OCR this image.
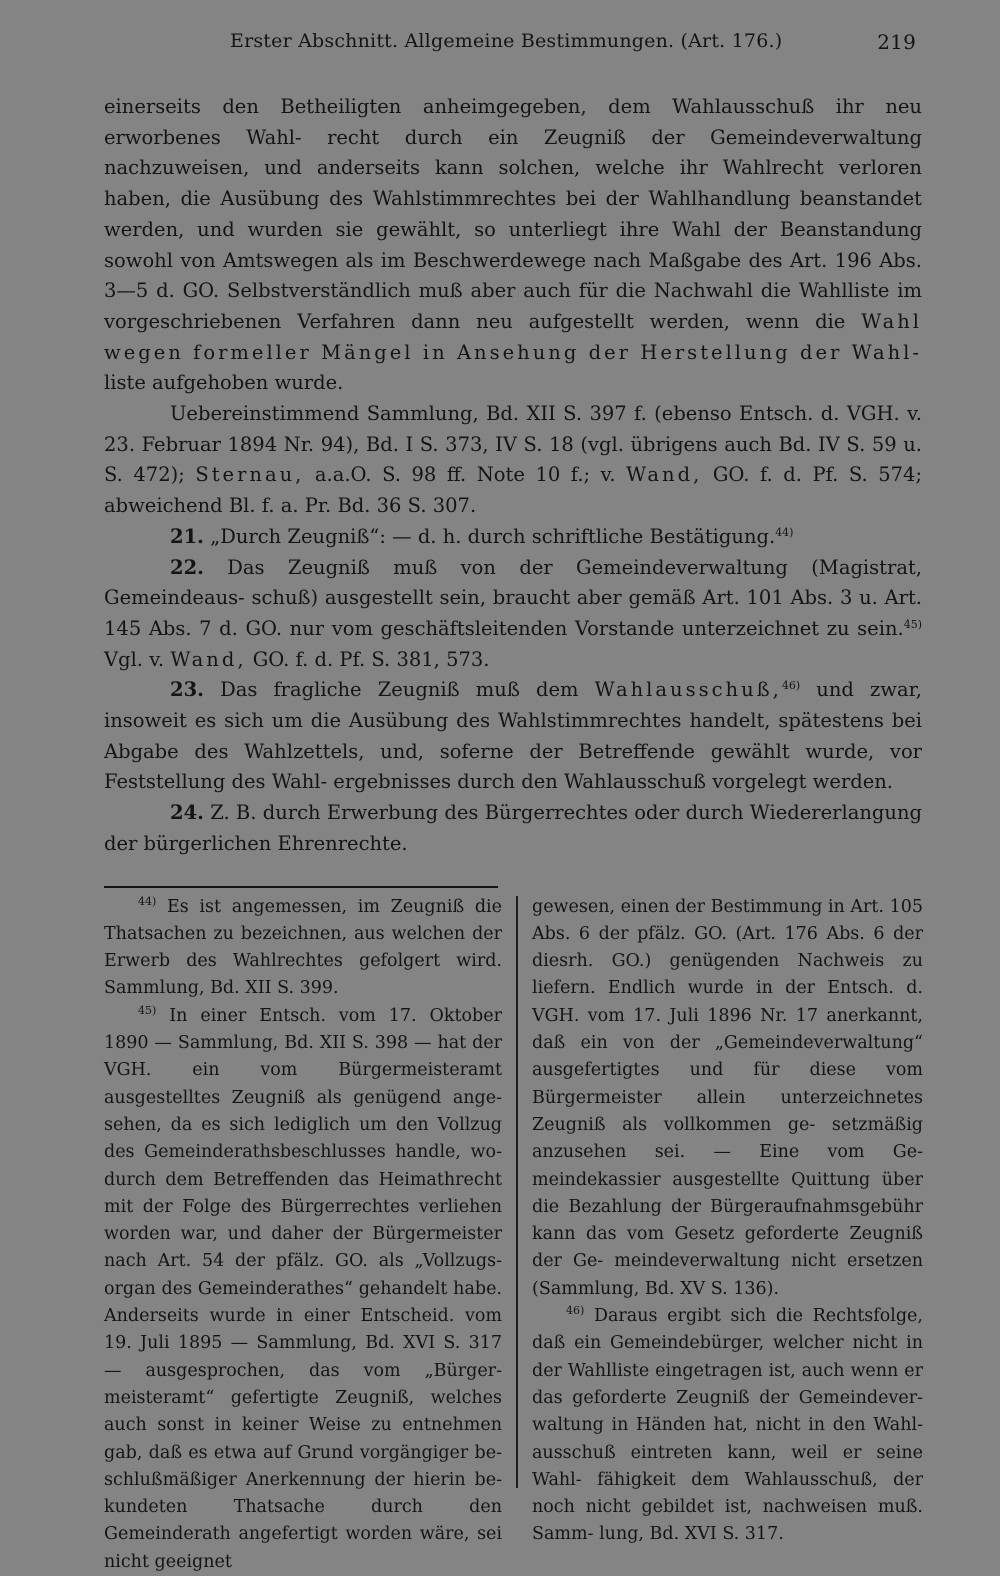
Erster Abschnitt. Allgemeine Bestimmungen. (Art. 176.)	219

einerseits den Betheiligten anheimgegeben, dem Wahlausschuß ihr neu erworbenes Wahl- recht durch ein Zeugniß der Gemeindeverwaltung nachzuweisen, und anderseits kann solchen, welche ihr Wahlrecht verloren haben, die Ausübung des Wahlstimmrechtes bei der Wahlhandlung beanstandet werden, und wurden sie gewählt, so unterliegt ihre Wahl der Beanstandung sowohl von Amtswegen als im Beschwerdewege nach Maßgabe des Art. 196 Abs. 3—5 d. GO. Selbstverständlich muß aber auch für die Nachwahl die Wahlliste im vorgeschriebenen Verfahren dann neu aufgestellt werden, wenn die Wahl wegen formeller Mängel in Ansehung der Herstellung der Wahl- liste aufgehoben wurde.

Uebereinstimmend Sammlung, Bd. XII S. 397 f. (ebenso Entsch. d. VGH. v. 23. Februar 1894 Nr. 94), Bd. I S. 373, IV S. 18 (vgl. übrigens auch Bd. IV S. 59 u. S. 472); Sternau, a.a.O. S. 98 ff. Note 10 f.; v. Wand, GO. f. d. Pf. S. 574; abweichend Bl. f. a. Pr. Bd. 36 S. 307.

21. „Durch Zeugniß“: — d. h. durch schriftliche Bestätigung.$^{44)}$

22. Das Zeugniß muß von der Gemeindeverwaltung (Magistrat, Gemeindeaus- schuß) ausgestellt sein, braucht aber gemäß Art. 101 Abs. 3 u. Art. 145 Abs. 7 d. GO. nur vom geschäftsleitenden Vorstande unterzeichnet zu sein.$^{45)}$ Vgl. v. Wand, GO. f. d. Pf. S. 381, 573.

23. Das fragliche Zeugniß muß dem Wahlausschuß,$^{46)}$ und zwar, insoweit es sich um die Ausübung des Wahlstimmrechtes handelt, spätestens bei Abgabe des Wahlzettels, und, soferne der Betreffende gewählt wurde, vor Feststellung des Wahl- ergebnisses durch den Wahlausschuß vorgelegt werden.

24. Z. B. durch Erwerbung des Bürgerrechtes oder durch Wiedererlangung der bürgerlichen Ehrenrechte.

$^{44)}$ Es ist angemessen, im Zeugniß die Thatsachen zu bezeichnen, aus welchen der Erwerb des Wahlrechtes gefolgert wird. Sammlung, Bd. XII S. 399.

$^{45)}$ In einer Entsch. vom 17. Oktober 1890 — Sammlung, Bd. XII S. 398 — hat der VGH. ein vom Bürgermeisteramt ausgestelltes Zeugniß als genügend ange- sehen, da es sich lediglich um den Vollzug des Gemeinderathsbeschlusses handle, wo- durch dem Betreffenden das Heimathrecht mit der Folge des Bürgerrechtes verliehen worden war, und daher der Bürgermeister nach Art. 54 der pfälz. GO. als „Vollzugs- organ des Gemeinderathes“ gehandelt habe. Anderseits wurde in einer Entscheid. vom 19. Juli 1895 — Sammlung, Bd. XVI S. 317 — ausgesprochen, das vom „Bürger- meisteramt“ gefertigte Zeugniß, welches auch sonst in keiner Weise zu entnehmen gab, daß es etwa auf Grund vorgängiger be- schlußmäßiger Anerkennung der hierin be- kundeten Thatsache durch den Gemeinderath angefertigt worden wäre, sei nicht geeignet

gewesen, einen der Bestimmung in Art. 105 Abs. 6 der pfälz. GO. (Art. 176 Abs. 6 der diesrh. GO.) genügenden Nachweis zu liefern. Endlich wurde in der Entsch. d. VGH. vom 17. Juli 1896 Nr. 17 anerkannt, daß ein von der „Gemeindeverwaltung“ ausgefertigtes und für diese vom Bürgermeister allein unterzeichnetes Zeugniß als vollkommen ge- setzmäßig anzusehen sei. — Eine vom Ge- meindekassier ausgestellte Quittung über die Bezahlung der Bürgeraufnahmsgebühr kann das vom Gesetz geforderte Zeugniß der Ge- meindeverwaltung nicht ersetzen (Sammlung, Bd. XV S. 136).

$^{46)}$ Daraus ergibt sich die Rechtsfolge, daß ein Gemeindebürger, welcher nicht in der Wahlliste eingetragen ist, auch wenn er das geforderte Zeugniß der Gemeindever- waltung in Händen hat, nicht in den Wahl- ausschuß eintreten kann, weil er seine Wahl- fähigkeit dem Wahlausschuß, der noch nicht gebildet ist, nachweisen muß. Samm- lung, Bd. XVI S. 317.
